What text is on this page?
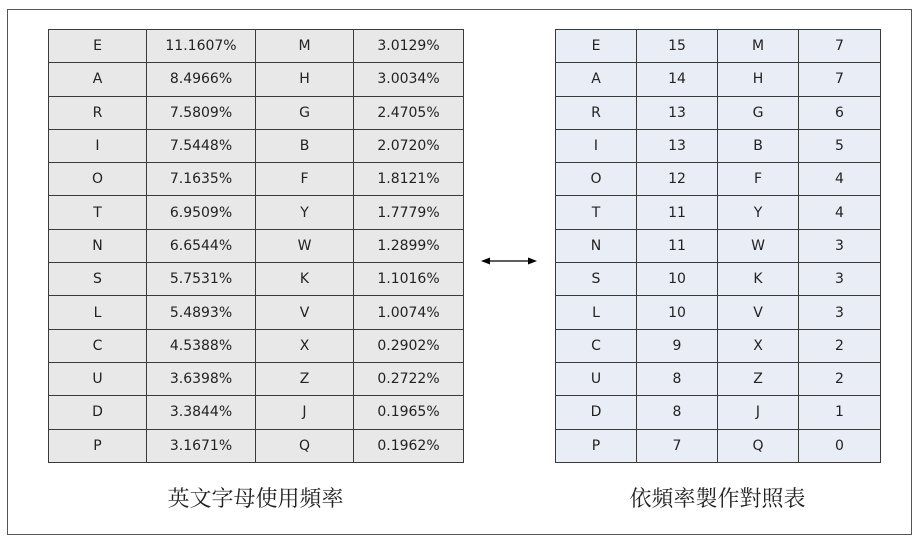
E	11.1607%	M	3.0129%
A	8.4966%	H	3.0034%
R	7.5809%	G	2.4705%
I	7.5448%	B	2.0720%
O	7.1635%	F	1.8121%
T	6.9509%	Y	1.7779%
N	6.6544%	W	1.2899%
S	5.7531%	K	1.1016%
L	5.4893%	V	1.0074%
C	4.5388%	X	0.2902%
U	3.6398%	Z	0.2722%
D	3.3844%	J	0.1965%
P	3.1671%	Q	0.1962%
E	15	M	7
A	14	H	7
R	13	G	6
I	13	B	5
O	12	F	4
T	11	Y	4
N	11	W	3
S	10	K	3
L	10	V	3
C	9	X	2
U	8	Z	2
D	8	J	1
P	7	Q	0
英文字母使用頻率	依頻率製作對照表
